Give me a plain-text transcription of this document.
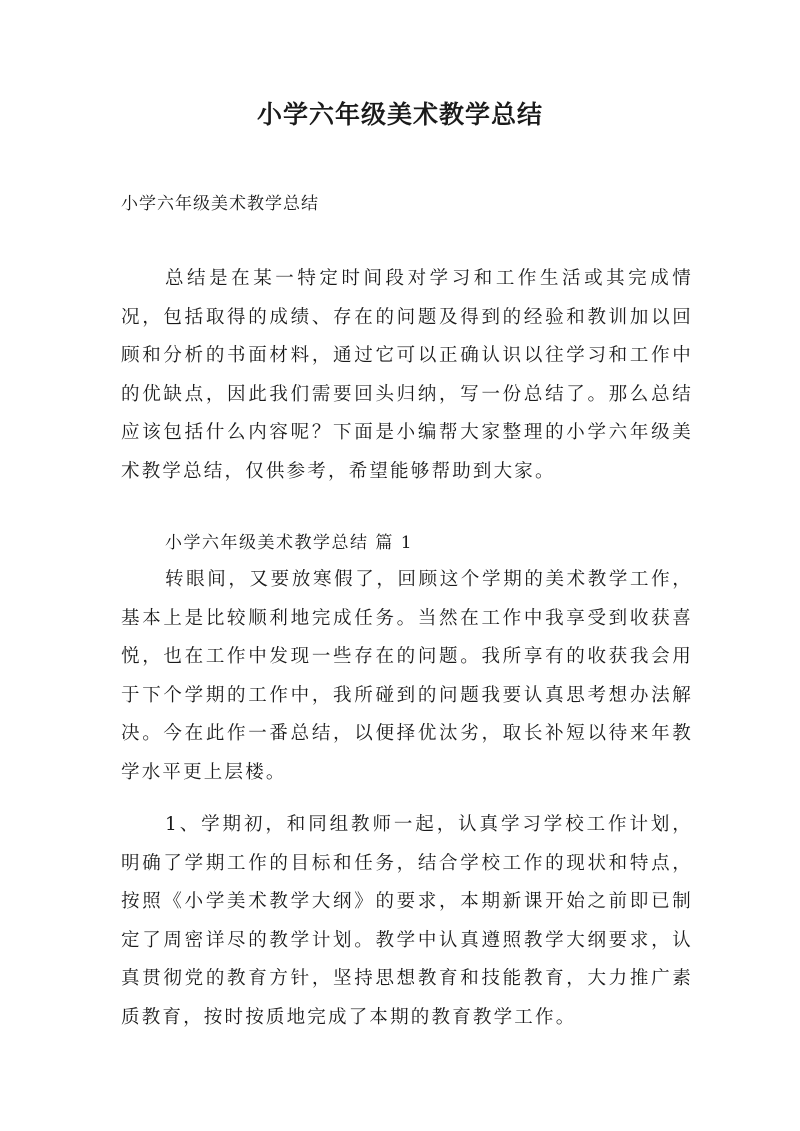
小学六年级美术教学总结

小学六年级美术教学总结

总结是在某一特定时间段对学习和工作生活或其完成情况，包括取得的成绩、存在的问题及得到的经验和教训加以回顾和分析的书面材料，通过它可以正确认识以往学习和工作中的优缺点，因此我们需要回头归纳，写一份总结了。那么总结应该包括什么内容呢？下面是小编帮大家整理的小学六年级美术教学总结，仅供参考，希望能够帮助到大家。

小学六年级美术教学总结 篇 1

转眼间，又要放寒假了，回顾这个学期的美术教学工作，基本上是比较顺利地完成任务。当然在工作中我享受到收获喜悦，也在工作中发现一些存在的问题。我所享有的收获我会用于下个学期的工作中，我所碰到的问题我要认真思考想办法解决。今在此作一番总结，以便择优汰劣，取长补短以待来年教学水平更上层楼。

1、学期初，和同组教师一起，认真学习学校工作计划，明确了学期工作的目标和任务，结合学校工作的现状和特点，按照《小学美术教学大纲》的要求，本期新课开始之前即已制定了周密详尽的教学计划。教学中认真遵照教学大纲要求，认真贯彻党的教育方针，坚持思想教育和技能教育，大力推广素质教育，按时按质地完成了本期的教育教学工作。
